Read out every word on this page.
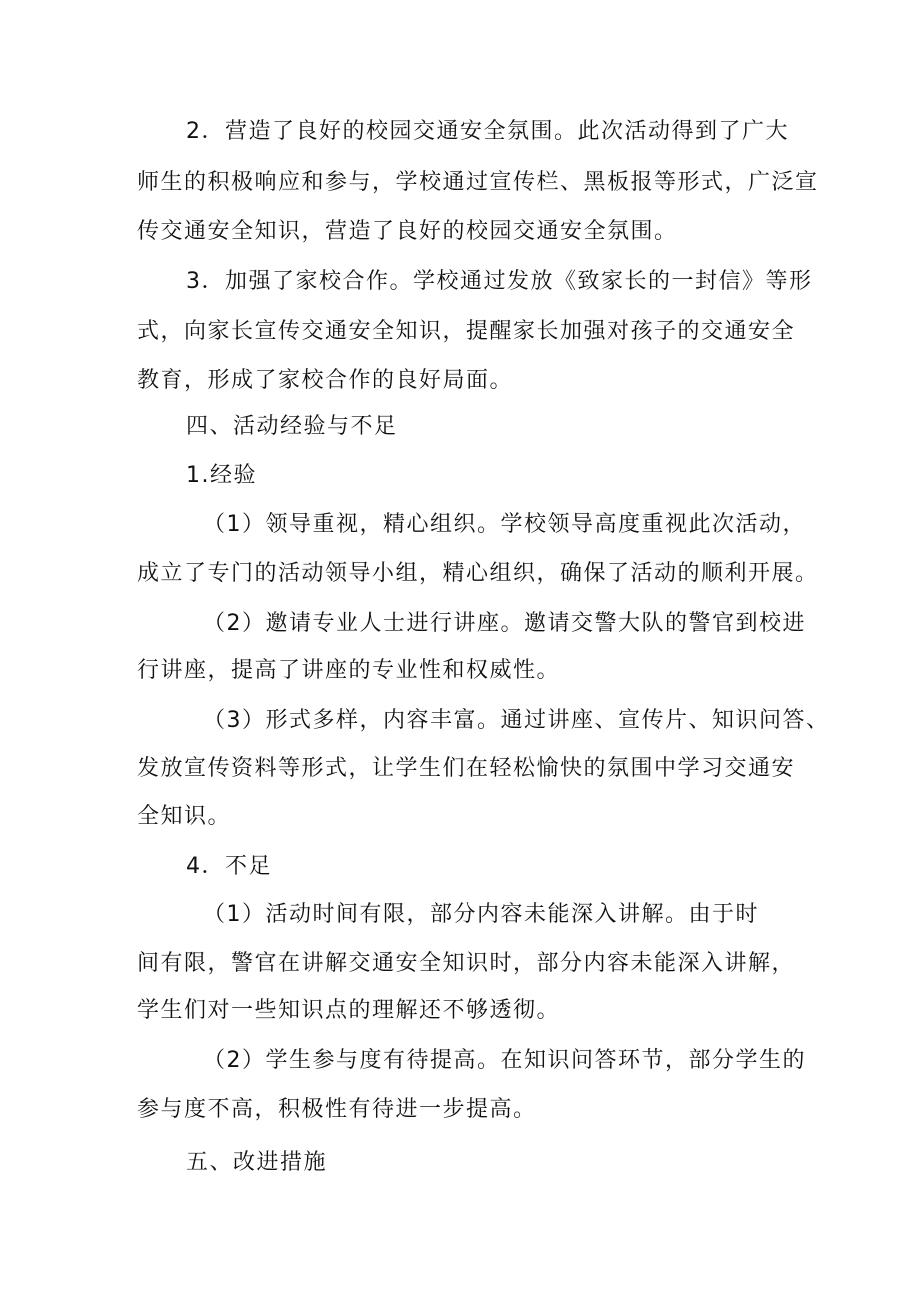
2．营造了良好的校园交通安全氛围。此次活动得到了广大
师生的积极响应和参与，学校通过宣传栏、黑板报等形式，广泛宣
传交通安全知识，营造了良好的校园交通安全氛围。
3．加强了家校合作。学校通过发放《致家长的一封信》等形
式，向家长宣传交通安全知识，提醒家长加强对孩子的交通安全
教育，形成了家校合作的良好局面。
四、活动经验与不足
1.经验
（1）领导重视，精心组织。学校领导高度重视此次活动，
成立了专门的活动领导小组，精心组织，确保了活动的顺利开展。
（2）邀请专业人士进行讲座。邀请交警大队的警官到校进
行讲座，提高了讲座的专业性和权威性。
（3）形式多样，内容丰富。通过讲座、宣传片、知识问答、
发放宣传资料等形式，让学生们在轻松愉快的氛围中学习交通安
全知识。
4．不足
（1）活动时间有限，部分内容未能深入讲解。由于时
间有限，警官在讲解交通安全知识时，部分内容未能深入讲解，
学生们对一些知识点的理解还不够透彻。
（2）学生参与度有待提高。在知识问答环节，部分学生的
参与度不高，积极性有待进一步提高。
五、改进措施
